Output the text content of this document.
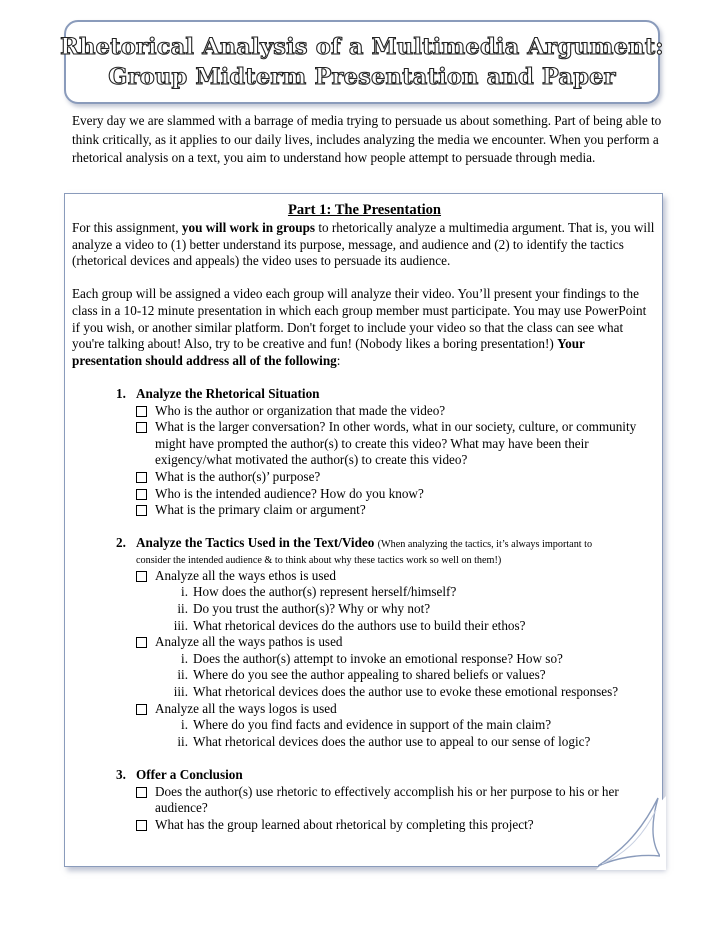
Rhetorical Analysis of a Multimedia Argument:
Group Midterm Presentation and Paper

Every day we are slammed with a barrage of media trying to persuade us about something. Part of being able to think critically, as it applies to our daily lives, includes analyzing the media we encounter. When you perform a rhetorical analysis on a text, you aim to understand how people attempt to persuade through media.

Part 1: The Presentation

For this assignment, you will work in groups to rhetorically analyze a multimedia argument. That is, you will analyze a video to (1) better understand its purpose, message, and audience and (2) to identify the tactics (rhetorical devices and appeals) the video uses to persuade its audience.

Each group will be assigned a video each group will analyze their video. You’ll present your findings to the class in a 10-12 minute presentation in which each group member must participate. You may use PowerPoint if you wish, or another similar platform. Don't forget to include your video so that the class can see what you're talking about! Also, try to be creative and fun! (Nobody likes a boring presentation!) Your presentation should address all of the following:

1. Analyze the Rhetorical Situation
Who is the author or organization that made the video?
What is the larger conversation? In other words, what in our society, culture, or community might have prompted the author(s) to create this video? What may have been their exigency/what motivated the author(s) to create this video?
What is the author(s)’ purpose?
Who is the intended audience? How do you know?
What is the primary claim or argument?
2. Analyze the Tactics Used in the Text/Video (When analyzing the tactics, it’s always important to
consider the intended audience & to think about why these tactics work so well on them!)
Analyze all the ways ethos is used
i. How does the author(s) represent herself/himself?
ii. Do you trust the author(s)? Why or why not?
iii. What rhetorical devices do the authors use to build their ethos?
Analyze all the ways pathos is used
i. Does the author(s) attempt to invoke an emotional response? How so?
ii. Where do you see the author appealing to shared beliefs or values?
iii. What rhetorical devices does the author use to evoke these emotional responses?
Analyze all the ways logos is used
i. Where do you find facts and evidence in support of the main claim?
ii. What rhetorical devices does the author use to appeal to our sense of logic?
3. Offer a Conclusion
Does the author(s) use rhetoric to effectively accomplish his or her purpose to his or her audience?
What has the group learned about rhetorical by completing this project?
